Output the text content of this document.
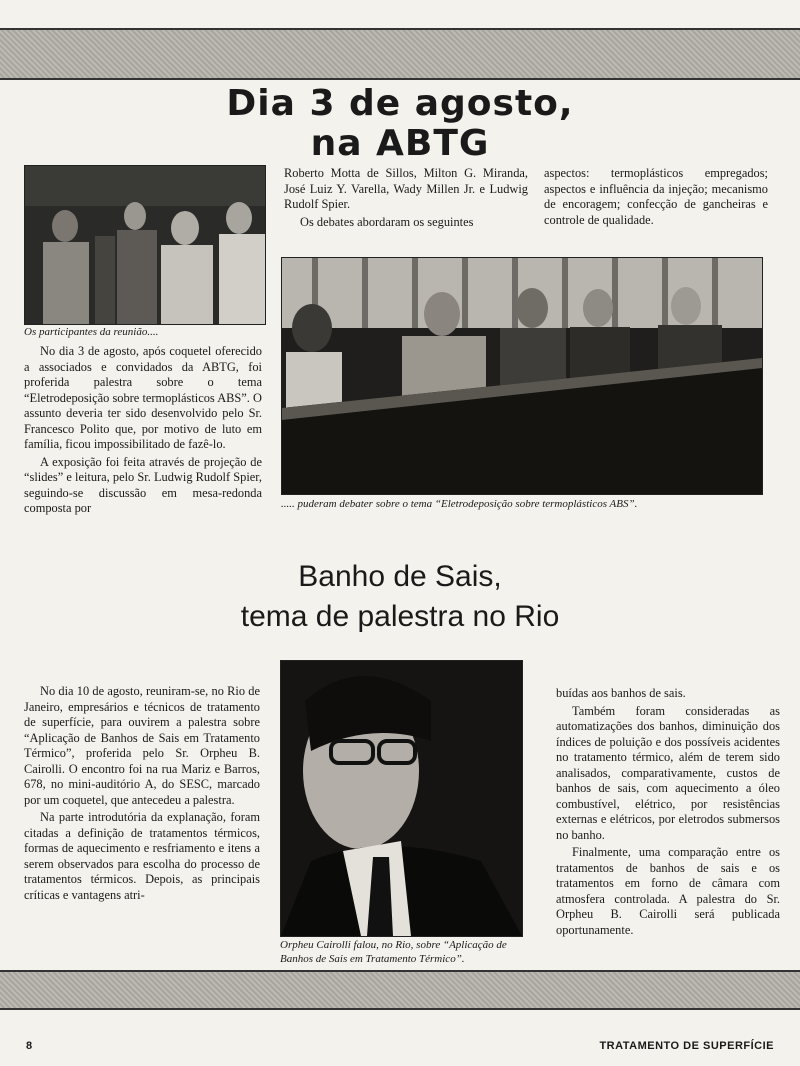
Dia 3 de agosto,
na ABTG
Os participantes da reunião....

No dia 3 de agosto, após coquetel oferecido a associados e convidados da ABTG, foi proferida palestra sobre o tema “Eletrodeposição sobre termoplásticos ABS”. O assunto deveria ter sido desenvolvido pelo Sr. Francesco Polito que, por motivo de luto em família, ficou impossibilitado de fazê-lo.

A exposição foi feita através de projeção de “slides” e leitura, pelo Sr. Ludwig Rudolf Spier, seguindo-se discussão em mesa-redonda composta por

Roberto Motta de Sillos, Milton G. Miranda, José Luiz Y. Varella, Wady Millen Jr. e Ludwig Rudolf Spier.

Os debates abordaram os seguintes

aspectos: termoplásticos empregados; aspectos e influência da injeção; mecanismo de encoragem; confecção de gancheiras e controle de qualidade.

..... puderam debater sobre o tema “Eletrodeposição sobre termoplásticos ABS”.
Banho de Sais,
tema de palestra no Rio

No dia 10 de agosto, reuniram-se, no Rio de Janeiro, empresários e técnicos de tratamento de superfície, para ouvirem a palestra sobre “Aplicação de Banhos de Sais em Tratamento Térmico”, proferida pelo Sr. Orpheu B. Cairolli. O encontro foi na rua Mariz e Barros, 678, no mini-auditório A, do SESC, marcado por um coquetel, que antecedeu a palestra.

Na parte introdutória da explanação, foram citadas a definição de tratamentos térmicos, formas de aquecimento e resfriamento e itens a serem observados para escolha do processo de tratamentos térmicos. Depois, as principais críticas e vantagens atri-

Orpheu Cairolli falou, no Rio, sobre “Aplicação de Banhos de Sais em Tratamento Térmico”.

buídas aos banhos de sais.

Também foram consideradas as automatizações dos banhos, diminuição dos índices de poluição e dos possíveis acidentes no tratamento térmico, além de terem sido analisados, comparativamente, custos de banhos de sais, com aquecimento a óleo combustível, elétrico, por resistências externas e elétricos, por eletrodos submersos no banho.

Finalmente, uma comparação entre os tratamentos de banhos de sais e os tratamentos em forno de câmara com atmosfera controlada. A palestra do Sr. Orpheu B. Cairolli será publicada oportunamente.

8	TRATAMENTO DE SUPERFÍCIE
